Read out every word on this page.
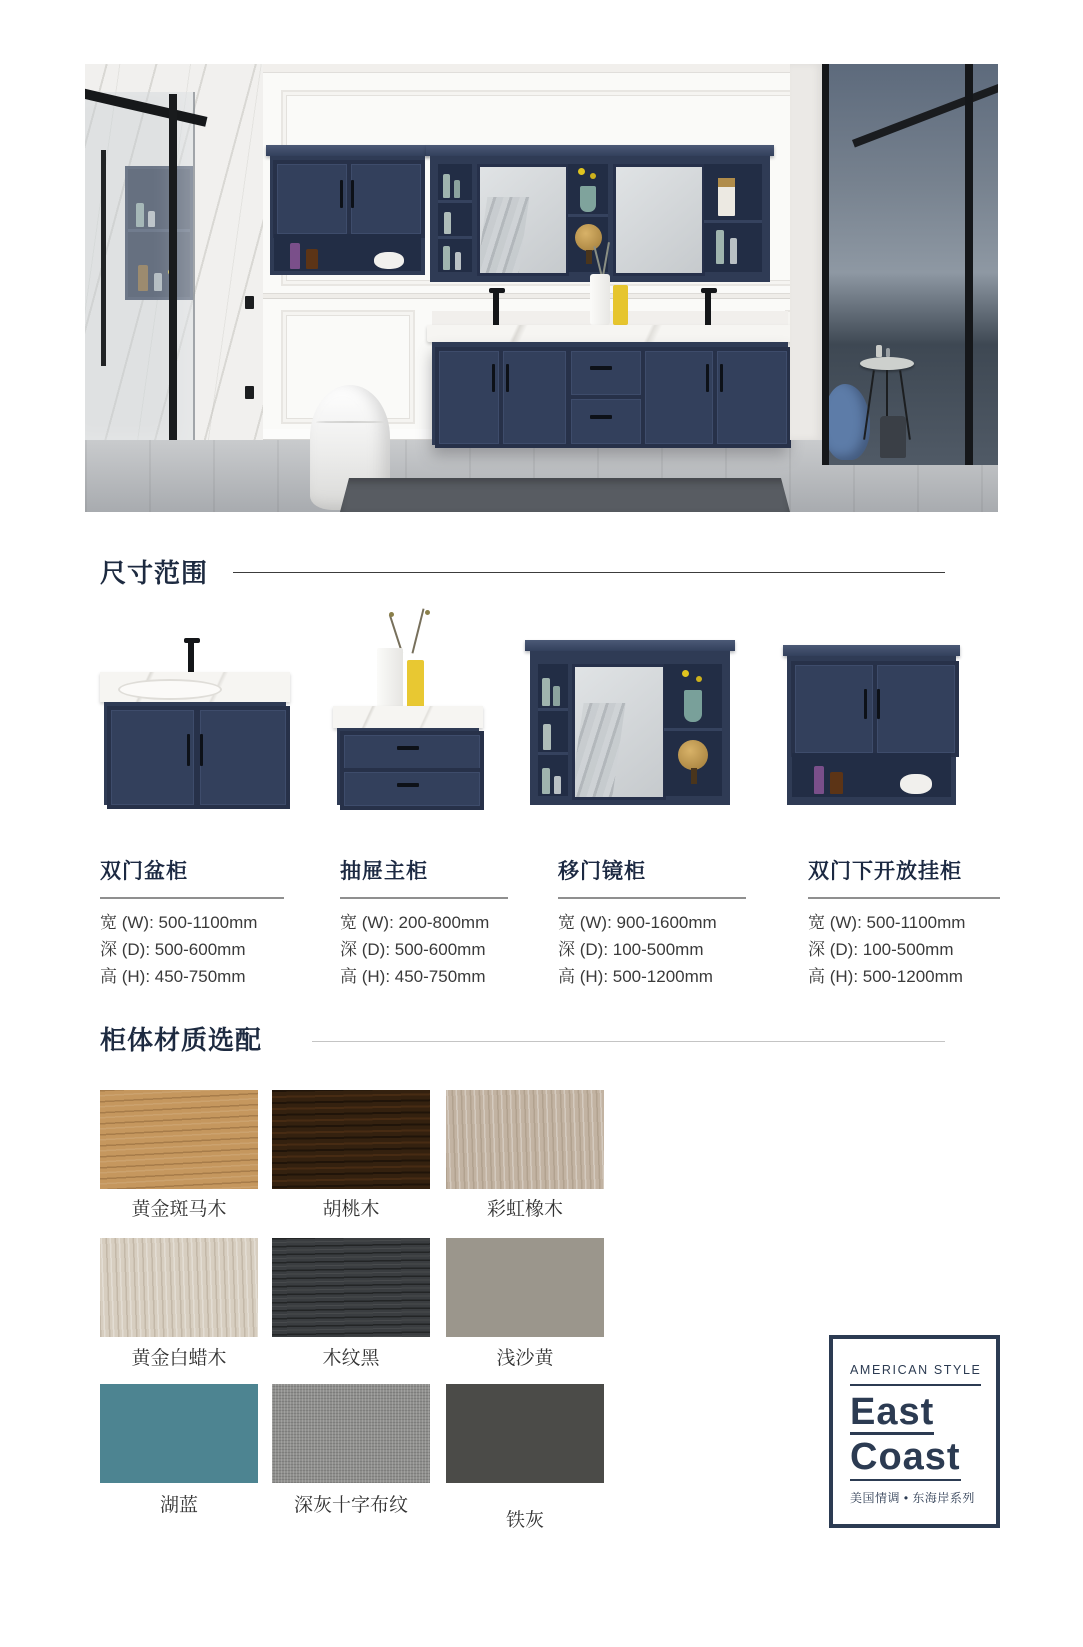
尺寸范围
双门盆柜
宽 (W): 500-1100mm
深 (D): 500-600mm
高 (H): 450-750mm
抽屉主柜
宽 (W): 200-800mm
深 (D): 500-600mm
高 (H): 450-750mm
移门镜柜
宽 (W): 900-1600mm
深 (D): 100-500mm
高 (H): 500-1200mm
双门下开放挂柜
宽 (W): 500-1100mm
深 (D): 100-500mm
高 (H): 500-1200mm
柜体材质选配
黄金斑马木	胡桃木	彩虹橡木
黄金白蜡木	木纹黑	浅沙黄
湖蓝	深灰十字布纹
铁灰
AMERICAN STYLE
East
Coast
美国情调 • 东海岸系列
